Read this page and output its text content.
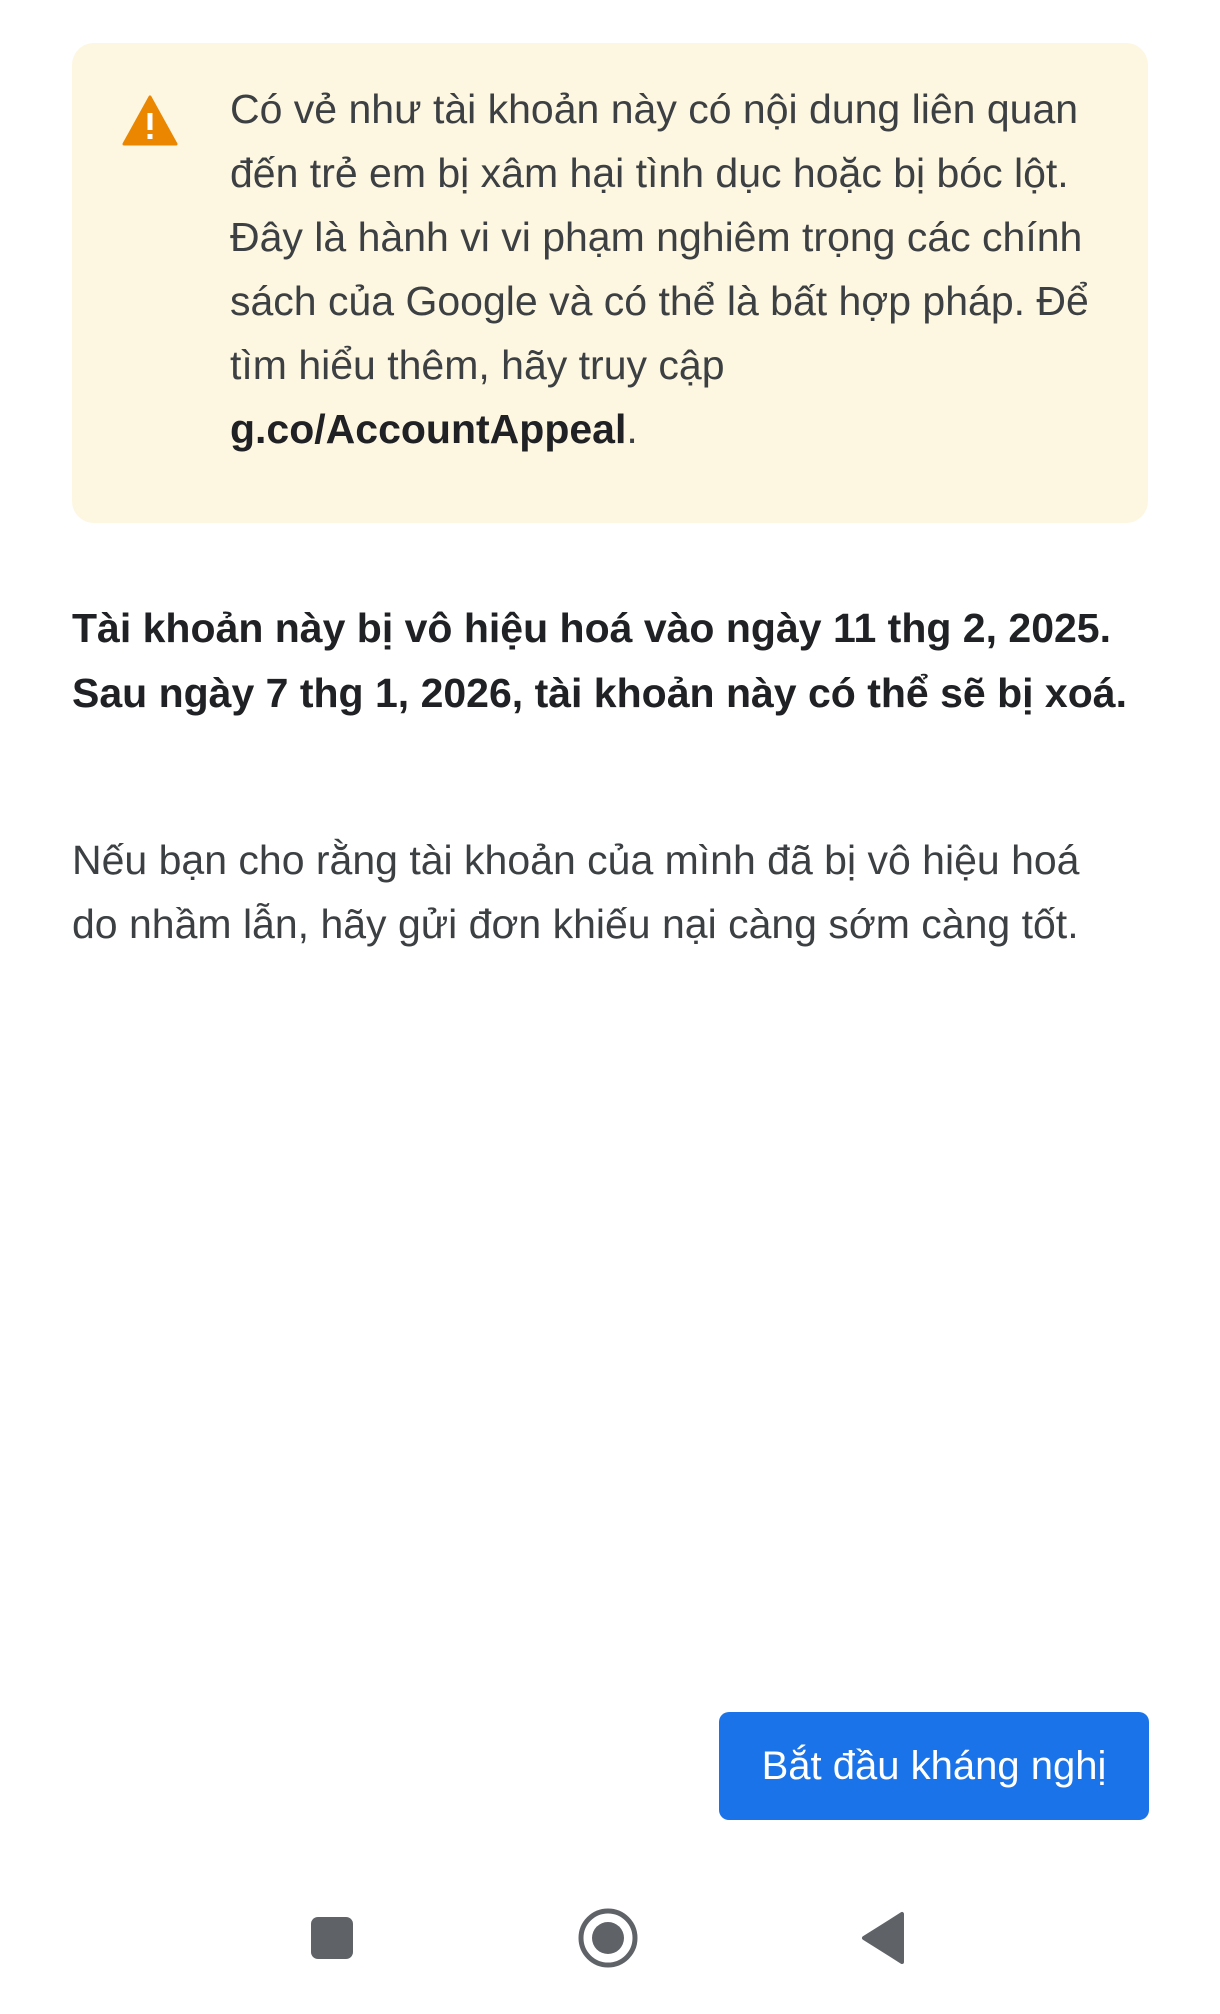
Có vẻ như tài khoản này có nội dung liên quan đến trẻ em bị xâm hại tình dục hoặc bị bóc lột. Đây là hành vi vi phạm nghiêm trọng các chính sách của Google và có thể là bất hợp pháp. Để tìm hiểu thêm, hãy truy cập g.co/AccountAppeal.

Tài khoản này bị vô hiệu hoá vào ngày 11 thg 2, 2025. Sau ngày 7 thg 1, 2026, tài khoản này có thể sẽ bị xoá.

Nếu bạn cho rằng tài khoản của mình đã bị vô hiệu hoá do nhầm lẫn, hãy gửi đơn khiếu nại càng sớm càng tốt.

Bắt đầu kháng nghị
